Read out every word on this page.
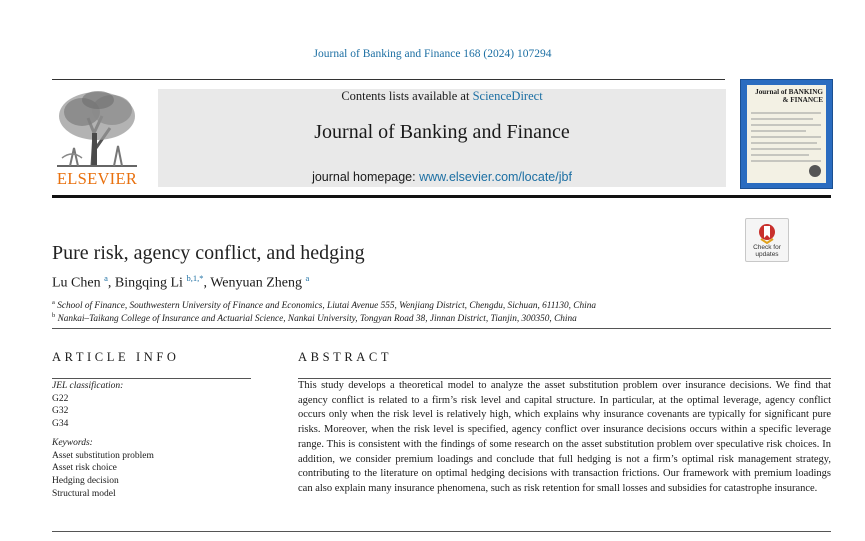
Journal of Banking and Finance 168 (2024) 107294
ELSEVIER
Contents lists available at ScienceDirect
Journal of Banking and Finance
journal homepage: www.elsevier.com/locate/jbf
Journal of BANKING & FINANCE
Check for updates
Pure risk, agency conflict, and hedging
Lu Chen $^a$, Bingqing Li $^{b,1,*}$, Wenyuan Zheng $^a$
$^a$ School of Finance, Southwestern University of Finance and Economics, Liutai Avenue 555, Wenjiang District, Chengdu, Sichuan, 611130, China
$^b$ Nankai–Taikang College of Insurance and Actuarial Science, Nankai University, Tongyan Road 38, Jinnan District, Tianjin, 300350, China
ARTICLE INFO	ABSTRACT
JEL classification:
G22
G32
G34
Keywords:
Asset substitution problem
Asset risk choice
Hedging decision
Structural model
This study develops a theoretical model to analyze the asset substitution problem over insurance decisions. We find that agency conflict is related to a firm’s risk level and capital structure. In particular, at the optimal leverage, agency conflict occurs only when the risk level is relatively high, which explains why insurance covenants are typically for significant pure risks. Moreover, when the risk level is specified, agency conflict over insurance decisions occurs within a specific leverage range. This is consistent with the findings of some research on the asset substitution problem over speculative risk choices. In addition, we consider premium loadings and conclude that full hedging is not a firm’s optimal risk management strategy, contributing to the literature on optimal hedging decisions with transaction frictions. Our framework with premium loadings can also explain many insurance phenomena, such as risk retention for small losses and subsidies for catastrophe insurance.
